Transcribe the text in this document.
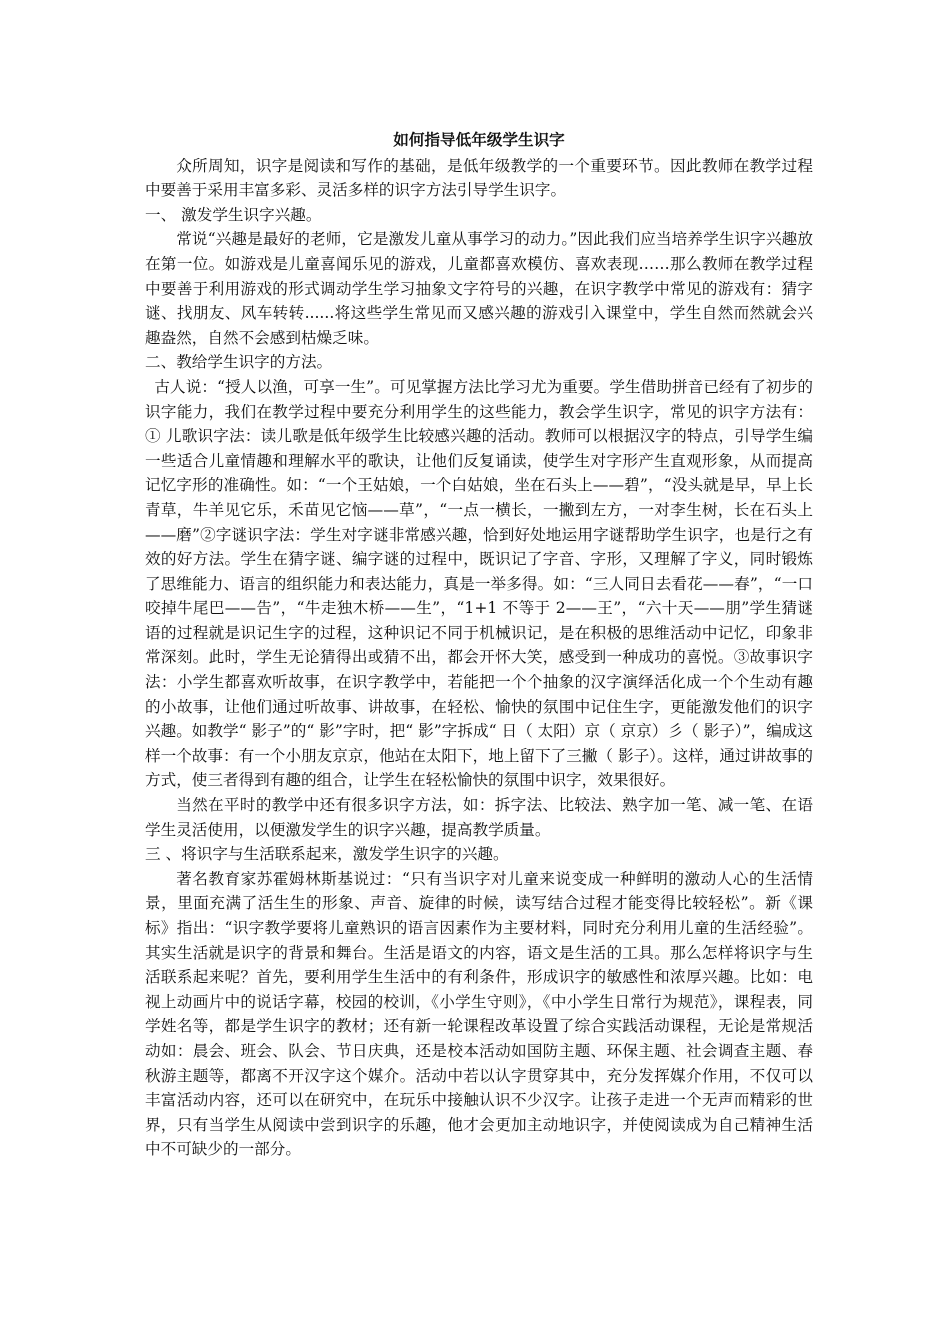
如何指导低年级学生识字

众所周知，识字是阅读和写作的基础，是低年级教学的一个重要环节。因此教师在教学过程中要善于采用丰富多彩、灵活多样的识字方法引导学生识字。

一、 激发学生识字兴趣。

常说“兴趣是最好的老师，它是激发儿童从事学习的动力。”因此我们应当培养学生识字兴趣放在第一位。如游戏是儿童喜闻乐见的游戏，儿童都喜欢模仿、喜欢表现……那么教师在教学过程中要善于利用游戏的形式调动学生学习抽象文字符号的兴趣，在识字教学中常见的游戏有：猜字谜、找朋友、风车转转......将这些学生常见而又感兴趣的游戏引入课堂中，学生自然而然就会兴趣盎然，自然不会感到枯燥乏味。

二、教给学生识字的方法。

古人说：“授人以渔，可享一生”。可见掌握方法比学习尤为重要。学生借助拼音已经有了初步的识字能力，我们在教学过程中要充分利用学生的这些能力，教会学生识字，常见的识字方法有：① 儿歌识字法：读儿歌是低年级学生比较感兴趣的活动。教师可以根据汉字的特点，引导学生编一些适合儿童情趣和理解水平的歌诀，让他们反复诵读，使学生对字形产生直观形象，从而提高记忆字形的准确性。如：“一个王姑娘，一个白姑娘，坐在石头上——碧”，“没头就是早，早上长青草，牛羊见它乐，禾苗见它恼——草”，“一点一横长，一撇到左方，一对李生树，长在石头上——磨”②字谜识字法：学生对字谜非常感兴趣，恰到好处地运用字谜帮助学生识字，也是行之有效的好方法。学生在猜字谜、编字谜的过程中，既识记了字音、字形，又理解了字义，同时锻炼了思维能力、语言的组织能力和表达能力，真是一举多得。如：“三人同日去看花——春”，“一口咬掉牛尾巴——告”，“牛走独木桥——生”，“1+1 不等于 2——王”，“六十天——朋”学生猜谜语的过程就是识记生字的过程，这种识记不同于机械识记，是在积极的思维活动中记忆，印象非常深刻。此时，学生无论猜得出或猜不出，都会开怀大笑，感受到一种成功的喜悦。③故事识字法：小学生都喜欢听故事，在识字教学中，若能把一个个抽象的汉字演绎活化成一个个生动有趣的小故事，让他们通过听故事、讲故事，在轻松、愉快的氛围中记住生字，更能激发他们的识字兴趣。如教学“ 影子”的“ 影”字时，把“ 影”字拆成“ 日（ 太阳）京（ 京京）彡（ 影子）”，编成这样一个故事：有一个小朋友京京，他站在太阳下，地上留下了三撇（ 影子）。这样，通过讲故事的方式，使三者得到有趣的组合，让学生在轻松愉快的氛围中识字，效果很好。

当然在平时的教学中还有很多识字方法，如：拆字法、比较法、熟字加一笔、减一笔、在语学生灵活使用，以便激发学生的识字兴趣，提高教学质量。

三 、将识字与生活联系起来，激发学生识字的兴趣。

著名教育家苏霍姆林斯基说过：“只有当识字对儿童来说变成一种鲜明的激动人心的生活情景，里面充满了活生生的形象、声音、旋律的时候，读写结合过程才能变得比较轻松”。新《课标》指出：“识字教学要将儿童熟识的语言因素作为主要材料，同时充分利用儿童的生活经验”。其实生活就是识字的背景和舞台。生活是语文的内容，语文是生活的工具。那么怎样将识字与生活联系起来呢？首先，要利用学生生活中的有利条件，形成识字的敏感性和浓厚兴趣。比如：电视上动画片中的说话字幕，校园的校训，《小学生守则》，《中小学生日常行为规范》，课程表，同学姓名等，都是学生识字的教材；还有新一轮课程改革设置了综合实践活动课程，无论是常规活动如：晨会、班会、队会、节日庆典，还是校本活动如国防主题、环保主题、社会调查主题、春秋游主题等，都离不开汉字这个媒介。活动中若以认字贯穿其中，充分发挥媒介作用，不仅可以丰富活动内容，还可以在研究中，在玩乐中接触认识不少汉字。让孩子走进一个无声而精彩的世界，只有当学生从阅读中尝到识字的乐趣，他才会更加主动地识字，并使阅读成为自己精神生活中不可缺少的一部分。
